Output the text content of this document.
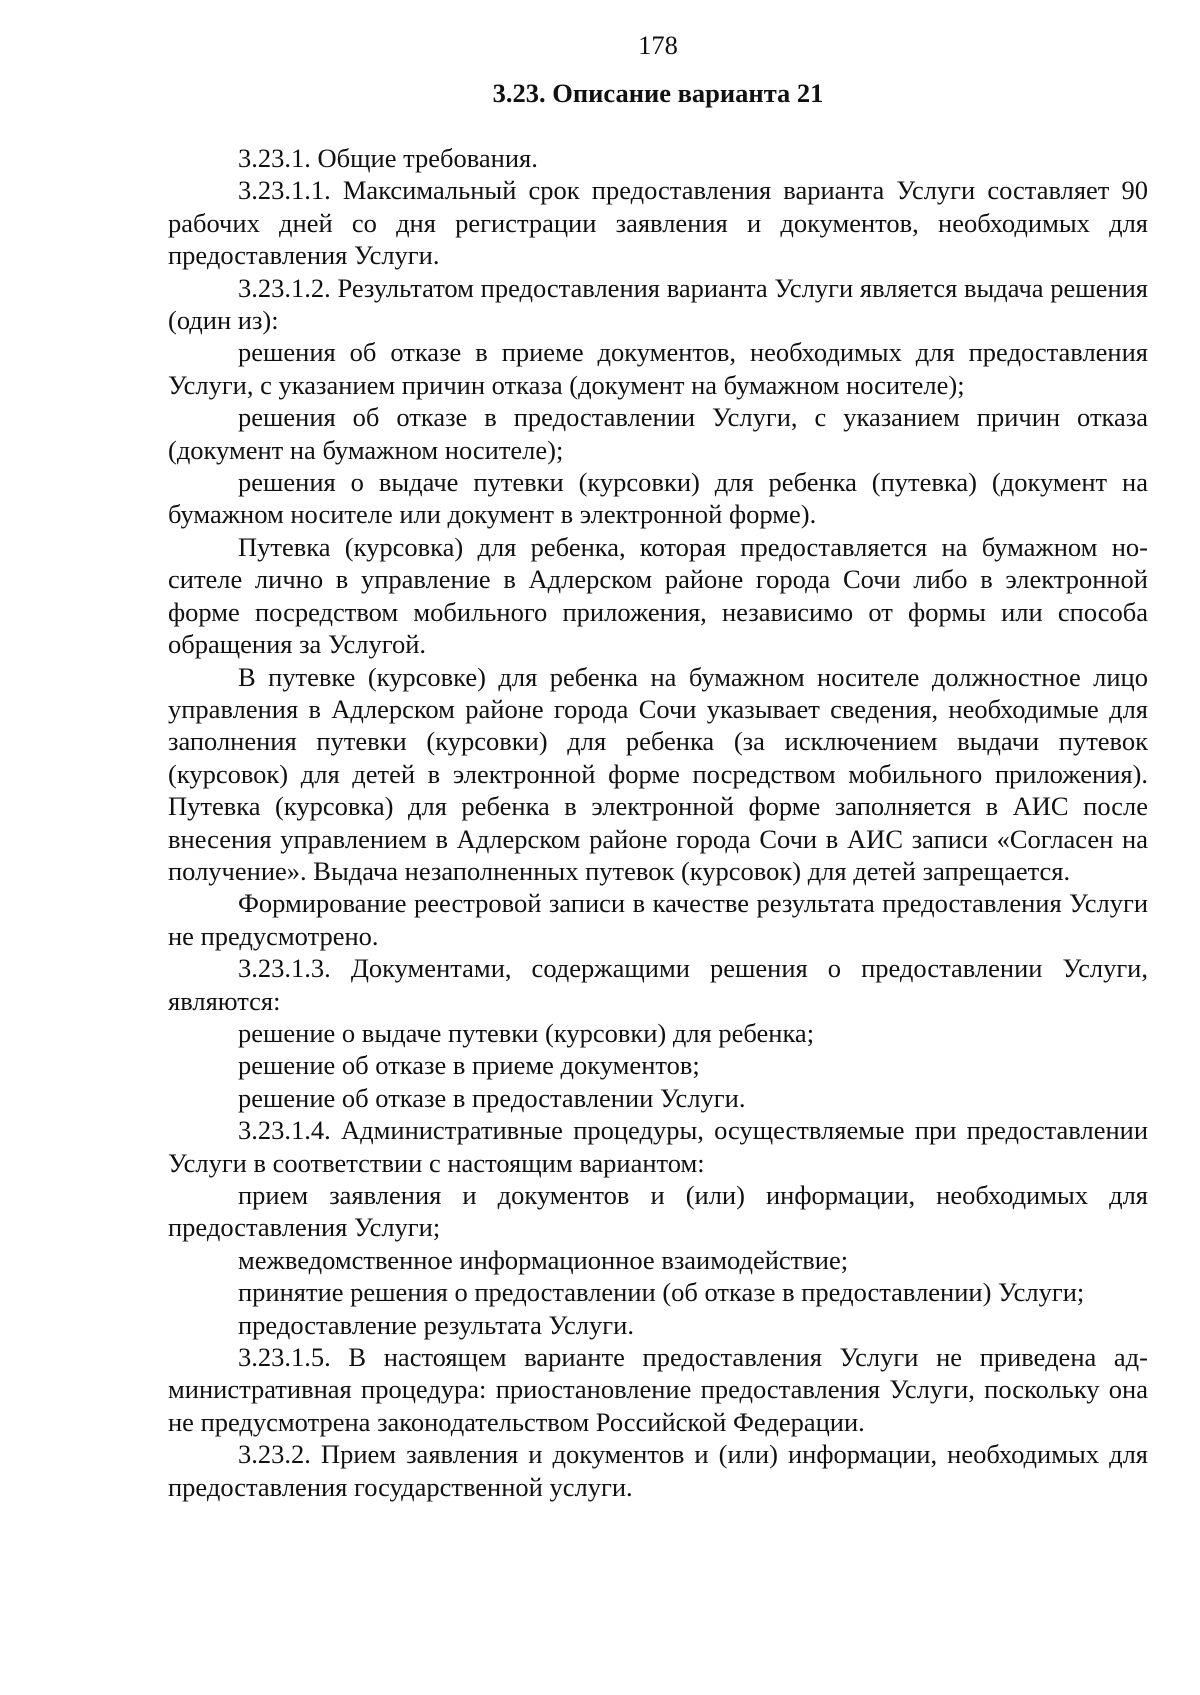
178
3.23. Описание варианта 21

3.23.1. Общие требования.

3.23.1.1. Максимальный срок предоставления варианта Услуги составляет 90 рабочих дней со дня регистрации заявления и документов, необходимых для предоставления Услуги.

3.23.1.2. Результатом предоставления варианта Услуги является выдача решения (один из):

решения об отказе в приеме документов, необходимых для предоставления Услуги, с указанием причин отказа (документ на бумажном носителе);

решения об отказе в предоставлении Услуги, с указанием причин отказа (документ на бумажном носителе);

решения о выдаче путевки (курсовки) для ребенка (путевка) (документ на бумажном носителе или документ в электронной форме).

Путевка (курсовка) для ребенка, которая предоставляется на бумажном носителе лично в управление в Адлерском районе города Сочи либо в электронной форме посредством мобильного приложения, независимо от формы или способа обращения за Услугой.

В путевке (курсовке) для ребенка на бумажном носителе должностное лицо управления в Адлерском районе города Сочи указывает сведения, необходимые для заполнения путевки (курсовки) для ребенка (за исключением выдачи путевок (курсовок) для детей в электронной форме посредством мобильного приложения). Путевка (курсовка) для ребенка в электронной форме заполняется в АИС после внесения управлением в Адлерском районе города Сочи в АИС записи «Согласен на получение». Выдача незаполненных путевок (курсовок) для детей запрещается.

Формирование реестровой записи в качестве результата предоставления Услуги не предусмотрено.

3.23.1.3. Документами, содержащими решения о предоставлении Услуги, являются:

решение о выдаче путевки (курсовки) для ребенка;

решение об отказе в приеме документов;

решение об отказе в предоставлении Услуги.

3.23.1.4. Административные процедуры, осуществляемые при предоставлении Услуги в соответствии с настоящим вариантом:

прием заявления и документов и (или) информации, необходимых для предоставления Услуги;

межведомственное информационное взаимодействие;

принятие решения о предоставлении (об отказе в предоставлении) Услуги;

предоставление результата Услуги.

3.23.1.5. В настоящем варианте предоставления Услуги не приведена административная процедура: приостановление предоставления Услуги, поскольку она не предусмотрена законодательством Российской Федерации.

3.23.2. Прием заявления и документов и (или) информации, необходимых для предоставления государственной услуги.
